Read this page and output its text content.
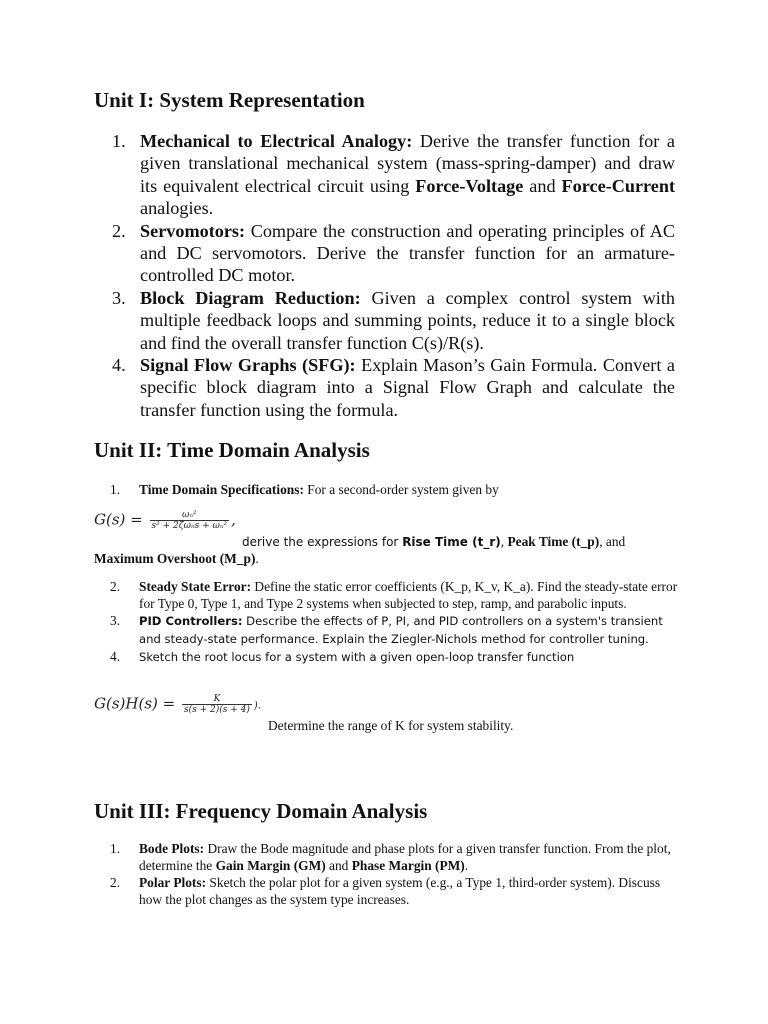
Unit I: System Representation
1. Mechanical to Electrical Analogy: Derive the transfer function for a given translational mechanical system (mass-spring-damper) and draw its equivalent electrical circuit using Force-Voltage and Force-Current analogies.
2. Servomotors: Compare the construction and operating principles of AC and DC servomotors. Derive the transfer function for an armature-controlled DC motor.
3. Block Diagram Reduction: Given a complex control system with multiple feedback loops and summing points, reduce it to a single block and find the overall transfer function C(s)/R(s).
4. Signal Flow Graphs (SFG): Explain Mason’s Gain Formula. Convert a specific block diagram into a Signal Flow Graph and calculate the transfer function using the formula.
Unit II: Time Domain Analysis
1.	Time Domain Specifications: For a second-order system given by
$G(s) = \frac{\text{ωₙ²}}{\text{s² + 2ζωₙs + ωₙ²}}$ ,
derive the expressions for Rise Time (t_r), Peak Time (t_p), and
Maximum Overshoot (M_p).
2.	Steady State Error: Define the static error coefficients (K_p, K_v, K_a). Find the steady-state error for Type 0, Type 1, and Type 2 systems when subjected to step, ramp, and parabolic inputs.
3.	PID Controllers: Describe the effects of P, PI, and PID controllers on a system's transient and steady-state performance. Explain the Ziegler-Nichols method for controller tuning.
4.	Sketch the root locus for a system with a given open-loop transfer function
$G(s)H(s) = \frac{K}{s(s + 2)(s + 4)}$ ).
Determine the range of K for system stability.
Unit III: Frequency Domain Analysis
1.	Bode Plots: Draw the Bode magnitude and phase plots for a given transfer function. From the plot, determine the Gain Margin (GM) and Phase Margin (PM).
2.	Polar Plots: Sketch the polar plot for a given system (e.g., a Type 1, third-order system). Discuss how the plot changes as the system type increases.
